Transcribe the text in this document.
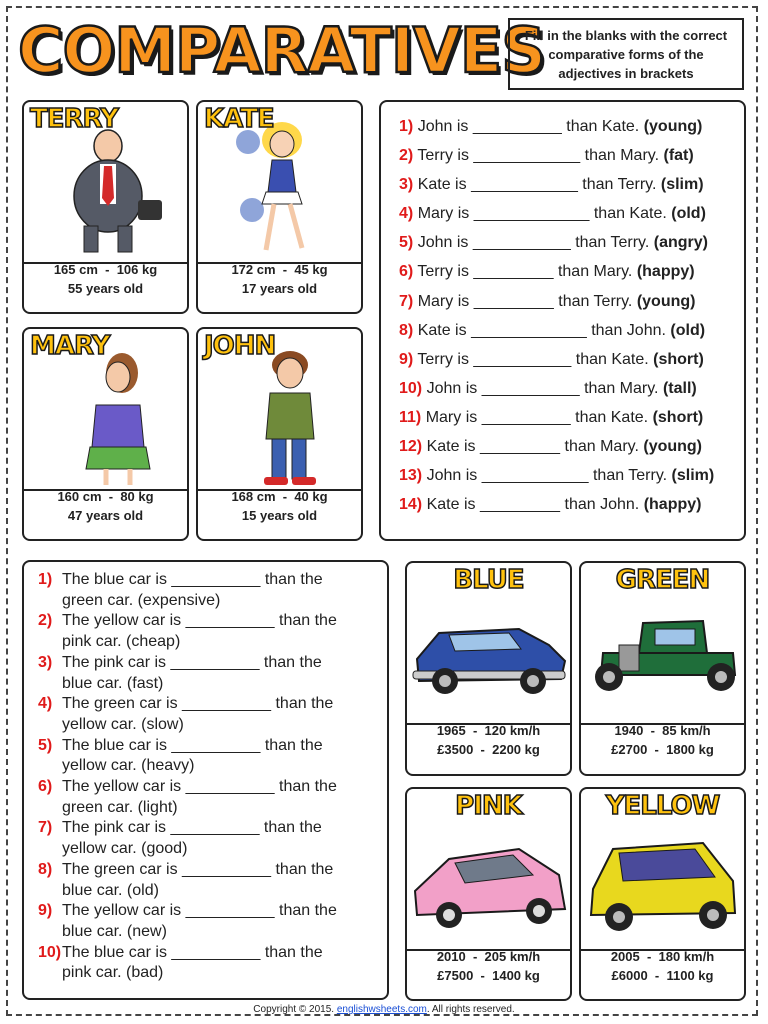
COMPARATIVES
Fill in the blanks with the correct comparative forms of the adjectives in brackets
TERRY
165 cm  -  106 kg
55 years old
KATE
172 cm  -  45 kg
17 years old
MARY
160 cm  -  80 kg
47 years old
JOHN
168 cm  -  40 kg
15 years old
1) John is __________ than Kate. (young)
2) Terry is ____________ than Mary. (fat)
3) Kate is ____________ than Terry. (slim)
4) Mary is _____________ than Kate. (old)
5) John is ___________ than Terry. (angry)
6) Terry is _________ than Mary. (happy)
7) Mary is _________ than Terry. (young)
8) Kate is _____________ than John. (old)
9) Terry is ___________ than Kate. (short)
10) John is ___________ than Mary. (tall)
11) Mary is __________ than Kate. (short)
12) Kate is _________ than Mary. (young)
13) John is ____________ than Terry. (slim)
14) Kate is _________ than John. (happy)
1) The blue car is __________ than the
green car. (expensive)
2) The yellow car is __________ than the
pink car. (cheap)
3) The pink car is __________ than the
blue car. (fast)
4) The green car is __________ than the
yellow car. (slow)
5) The blue car is __________ than the
yellow car. (heavy)
6) The yellow car is __________ than the
green car. (light)
7) The pink car is __________ than the
yellow car. (good)
8) The green car is __________ than the
blue car. (old)
9) The yellow car is __________ than the
blue car. (new)
10) The blue car is __________ than the
pink car. (bad)
BLUE
1965  -  120 km/h
£3500  -  2200 kg
GREEN
1940  -  85 km/h
£2700  -  1800 kg
PINK
2010  -  205 km/h
£7500  -  1400 kg
YELLOW
2005  -  180 km/h
£6000  -  1100 kg
Copyright © 2015. englishwsheets.com. All rights reserved.
